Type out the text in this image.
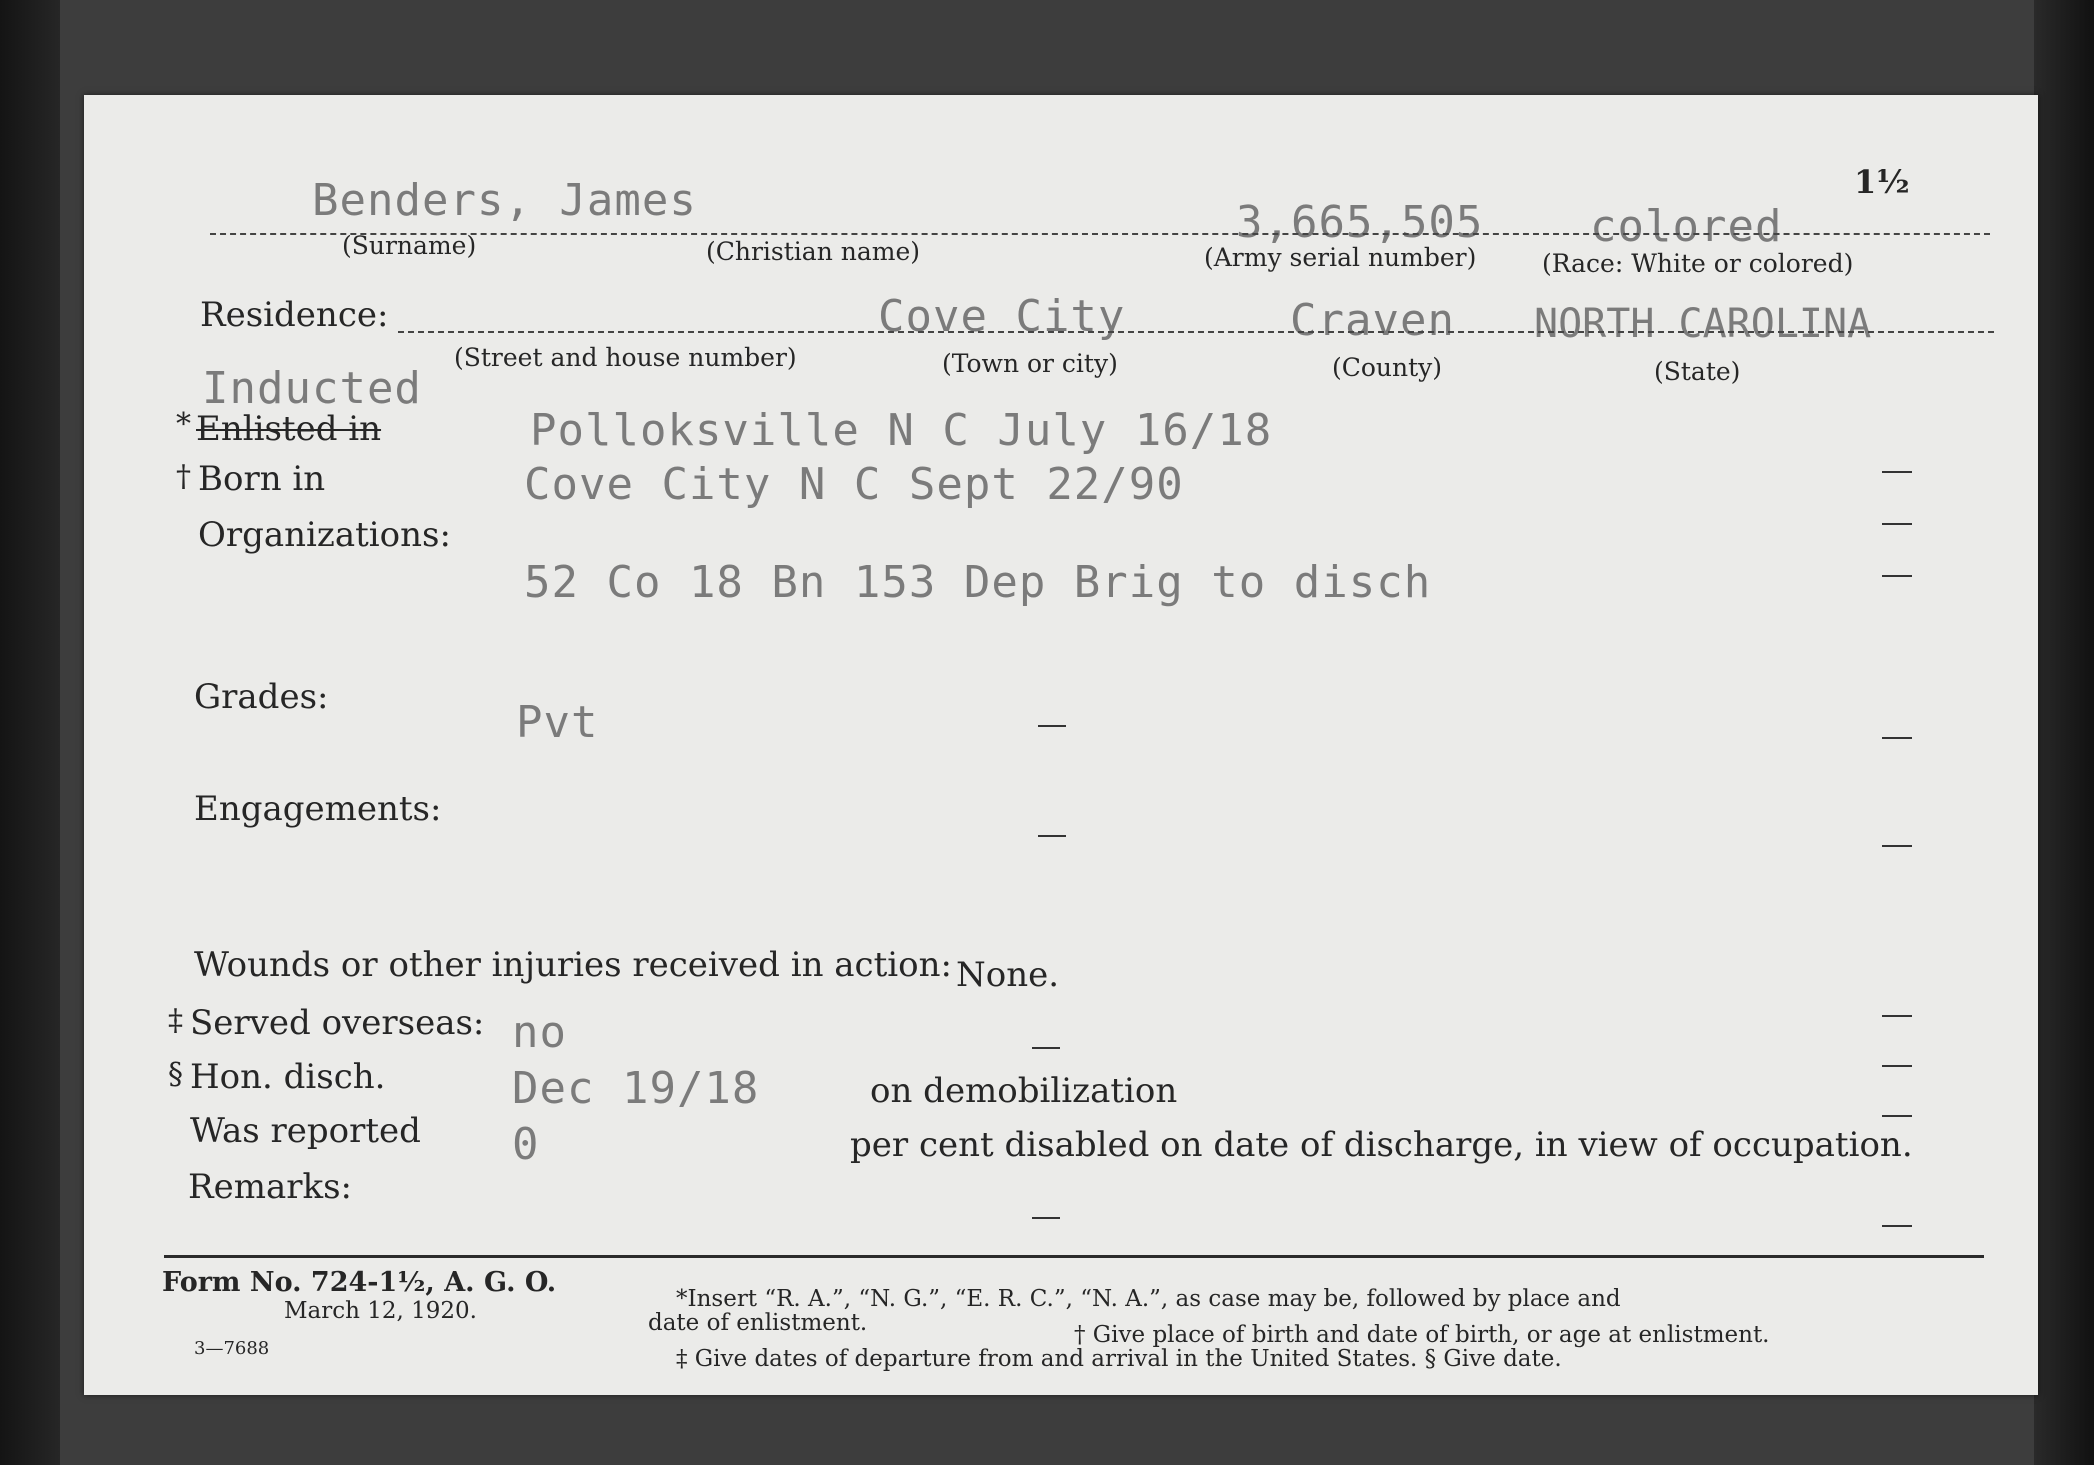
1½
Benders, James	3,665,505 colored
(Surname)	(Christian name)	(Army serial number)	(Race: White or colored)
Residence:	Cove City	Craven NORTH CAROLINA
(Street and house number)	(Town or city)	(County)	(State)
Inducted
* Enlisted in	Polloksville N C July 16/18
† Born in	Cove City N C Sept 22/90
Organizations:
52 Co 18 Bn 153 Dep Brig to disch
Grades:	Pvt
Engagements:
Wounds or other injuries received in action: None.
‡ Served overseas: no
§ Hon. disch.	Dec 19/18	on demobilization
Was reported 0	per cent disabled on date of discharge, in view of occupation.
Remarks:
Form No. 724-1½, A. G. O.
March 12, 1920.
3—7688
*Insert “R. A.”, “N. G.”, “E. R. C.”, “N. A.”, as case may be, followed by place and
date of enlistment.	† Give place of birth and date of birth, or age at enlistment.
‡ Give dates of departure from and arrival in the United States. § Give date.
